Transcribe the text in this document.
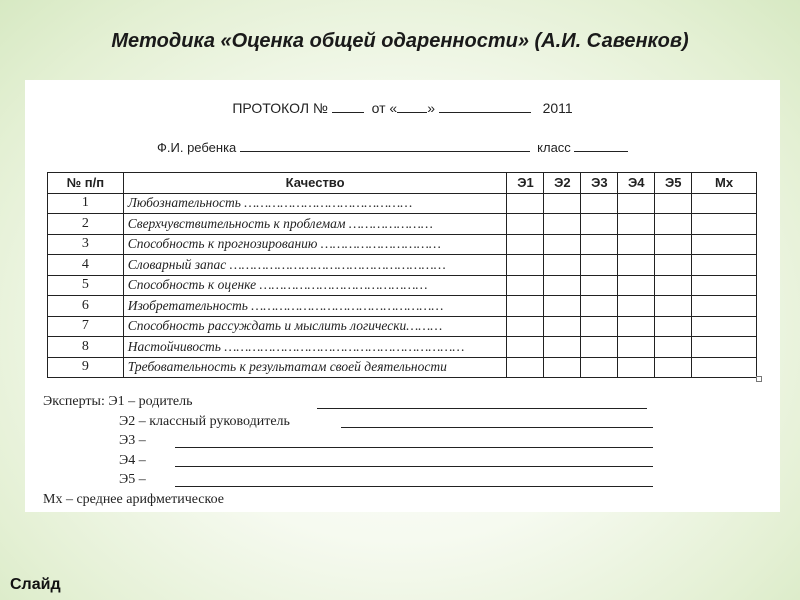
Методика «Оценка общей одаренности» (А.И. Савенков)
ПРОТОКОЛ №	от « »	2011
Ф.И. ребенка	класс
№ п/п	Качество	Э1	Э2	Э3	Э4	Э5	Мx
1	Любознательность ……………………………………						
2	Сверхчувствительность к проблемам …………………						
3	Способность к прогнозированию …………………………						
4	Словарный запас ………………………………………………						
5	Способность к оценке ……………………………………						
6	Изобретательность …………………………………………						
7	Способность рассуждать и мыслить логически………						
8	Настойчивость ……………………………………………………						
9	Требовательность к результатам своей деятельности						
Эксперты: Э1 – родитель
Э2 – классный руководитель
Э3 –
Э4 –
Э5 –
Мx – среднее арифметическое
Слайд
